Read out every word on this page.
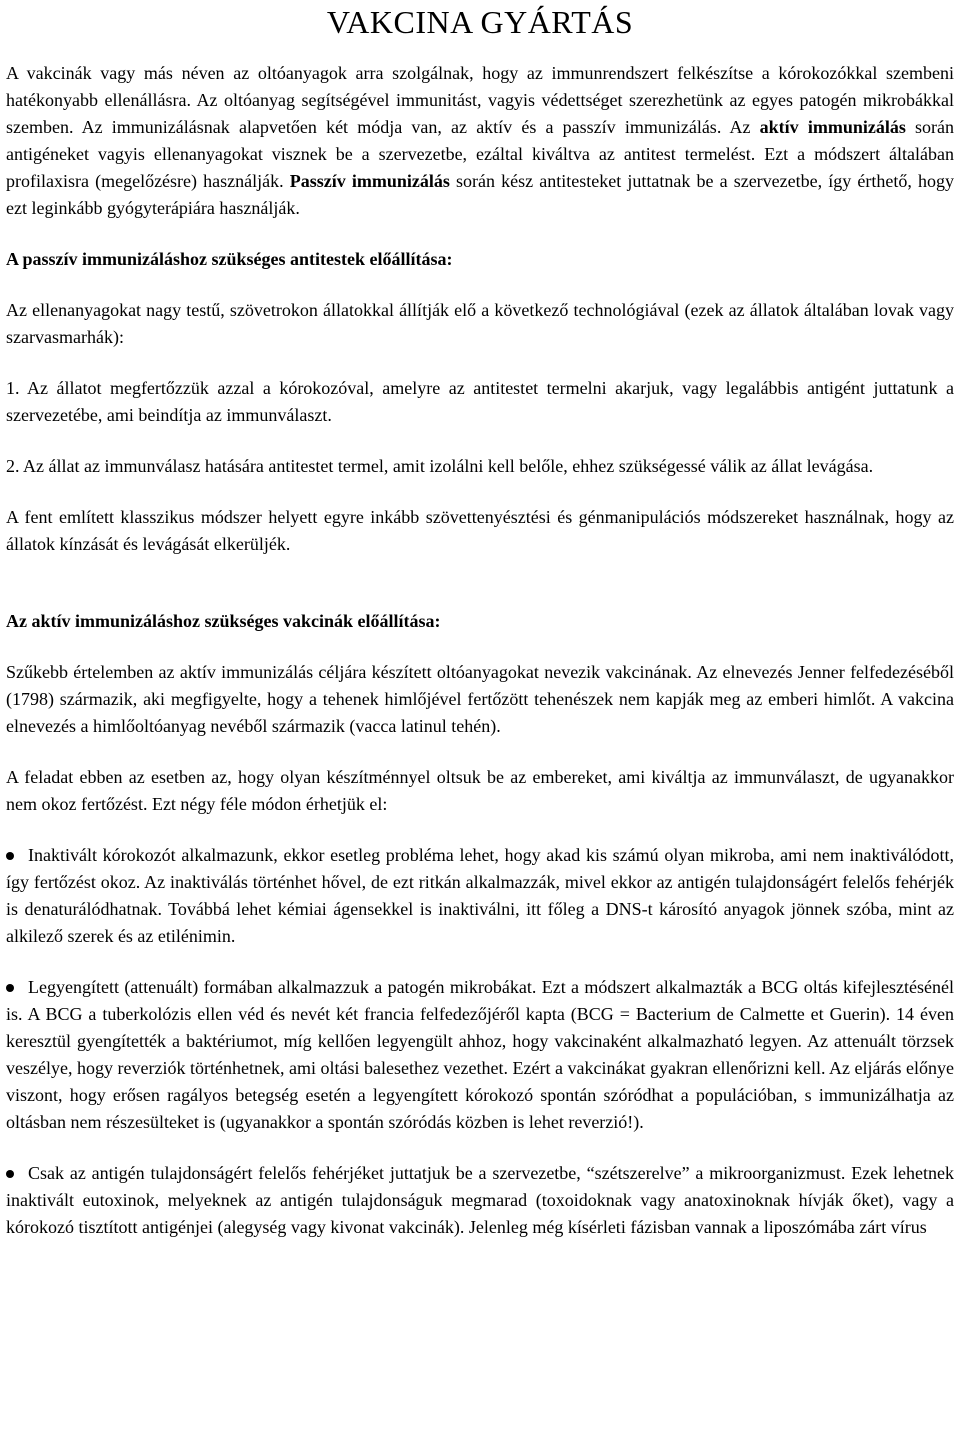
VAKCINA GYÁRTÁS

A vakcinák vagy más néven az oltóanyagok arra szolgálnak, hogy az immunrendszert felkészítse a kórokozókkal szembeni hatékonyabb ellenállásra. Az oltóanyag segítségével immunitást, vagyis védettséget szerezhetünk az egyes patogén mikrobákkal szemben. Az immunizálásnak alapvetően két módja van, az aktív és a passzív immunizálás. Az aktív immunizálás során antigéneket vagyis ellenanyagokat visznek be a szervezetbe, ezáltal kiváltva az antitest termelést. Ezt a módszert általában profilaxisra (megelőzésre) használják. Passzív immunizálás során kész antitesteket juttatnak be a szervezetbe, így érthető, hogy ezt leginkább gyógyterápiára használják.

A passzív immunizáláshoz szükséges antitestek előállítása:

Az ellenanyagokat nagy testű, szövetrokon állatokkal állítják elő a következő technológiával (ezek az állatok általában lovak vagy szarvasmarhák):

1. Az állatot megfertőzzük azzal a kórokozóval, amelyre az antitestet termelni akarjuk, vagy legalábbis antigént juttatunk a szervezetébe, ami beindítja az immunválaszt.

2. Az állat az immunválasz hatására antitestet termel, amit izolálni kell belőle, ehhez szükségessé válik az állat levágása.

A fent említett klasszikus módszer helyett egyre inkább szövettenyésztési és génmanipulációs módszereket használnak, hogy az állatok kínzását és levágását elkerüljék.

Az aktív immunizáláshoz szükséges vakcinák előállítása:

Szűkebb értelemben az aktív immunizálás céljára készített oltóanyagokat nevezik vakcinának. Az elnevezés Jenner felfedezéséből (1798) származik, aki megfigyelte, hogy a tehenek himlőjével fertőzött tehenészek nem kapják meg az emberi himlőt. A vakcina elnevezés a himlőoltóanyag nevéből származik (vacca latinul tehén).

A feladat ebben az esetben az, hogy olyan készítménnyel oltsuk be az embereket, ami kiváltja az immunválaszt, de ugyanakkor nem okoz fertőzést. Ezt négy féle módon érhetjük el:

Inaktivált kórokozót alkalmazunk, ekkor esetleg probléma lehet, hogy akad kis számú olyan mikroba, ami nem inaktiválódott, így fertőzést okoz. Az inaktiválás történhet hővel, de ezt ritkán alkalmazzák, mivel ekkor az antigén tulajdonságért felelős fehérjék is denaturálódhatnak. Továbbá lehet kémiai ágensekkel is inaktiválni, itt főleg a DNS-t károsító anyagok jönnek szóba, mint az alkilező szerek és az etilénimin.
Legyengített (attenuált) formában alkalmazzuk a patogén mikrobákat. Ezt a módszert alkalmazták a BCG oltás kifejlesztésénél is. A BCG a tuberkolózis ellen véd és nevét két francia felfedezőjéről kapta (BCG = Bacterium de Calmette et Guerin). 14 éven keresztül gyengítették a baktériumot, míg kellően legyengült ahhoz, hogy vakcinaként alkalmazható legyen. Az attenuált törzsek veszélye, hogy reverziók történhetnek, ami oltási balesethez vezethet. Ezért a vakcinákat gyakran ellenőrizni kell. Az eljárás előnye viszont, hogy erősen ragályos betegség esetén a legyengített kórokozó spontán szóródhat a populációban, s immunizálhatja az oltásban nem részesülteket is (ugyanakkor a spontán szóródás közben is lehet reverzió!).
Csak az antigén tulajdonságért felelős fehérjéket juttatjuk be a szervezetbe, “szétszerelve” a mikroorganizmust. Ezek lehetnek inaktivált eutoxinok, melyeknek az antigén tulajdonságuk megmarad (toxoidoknak vagy anatoxinoknak hívják őket), vagy a kórokozó tisztított antigénjei (alegység vagy kivonat vakcinák). Jelenleg még kísérleti fázisban vannak a liposzómába zárt vírus
